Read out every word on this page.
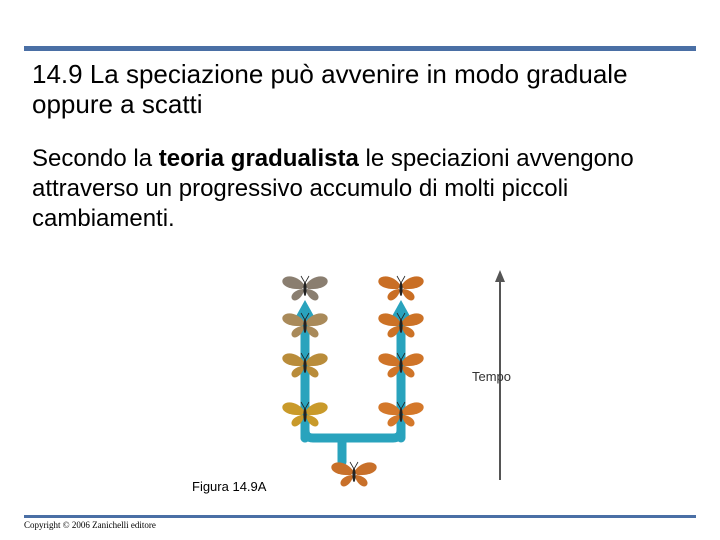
14.9 La speciazione può avvenire in modo graduale oppure a scatti
Secondo la teoria gradualista le speciazioni avvengono attraverso un progressivo accumulo di molti piccoli cambiamenti.
Tempo
Figura 14.9A
Copyright © 2006 Zanichelli editore
